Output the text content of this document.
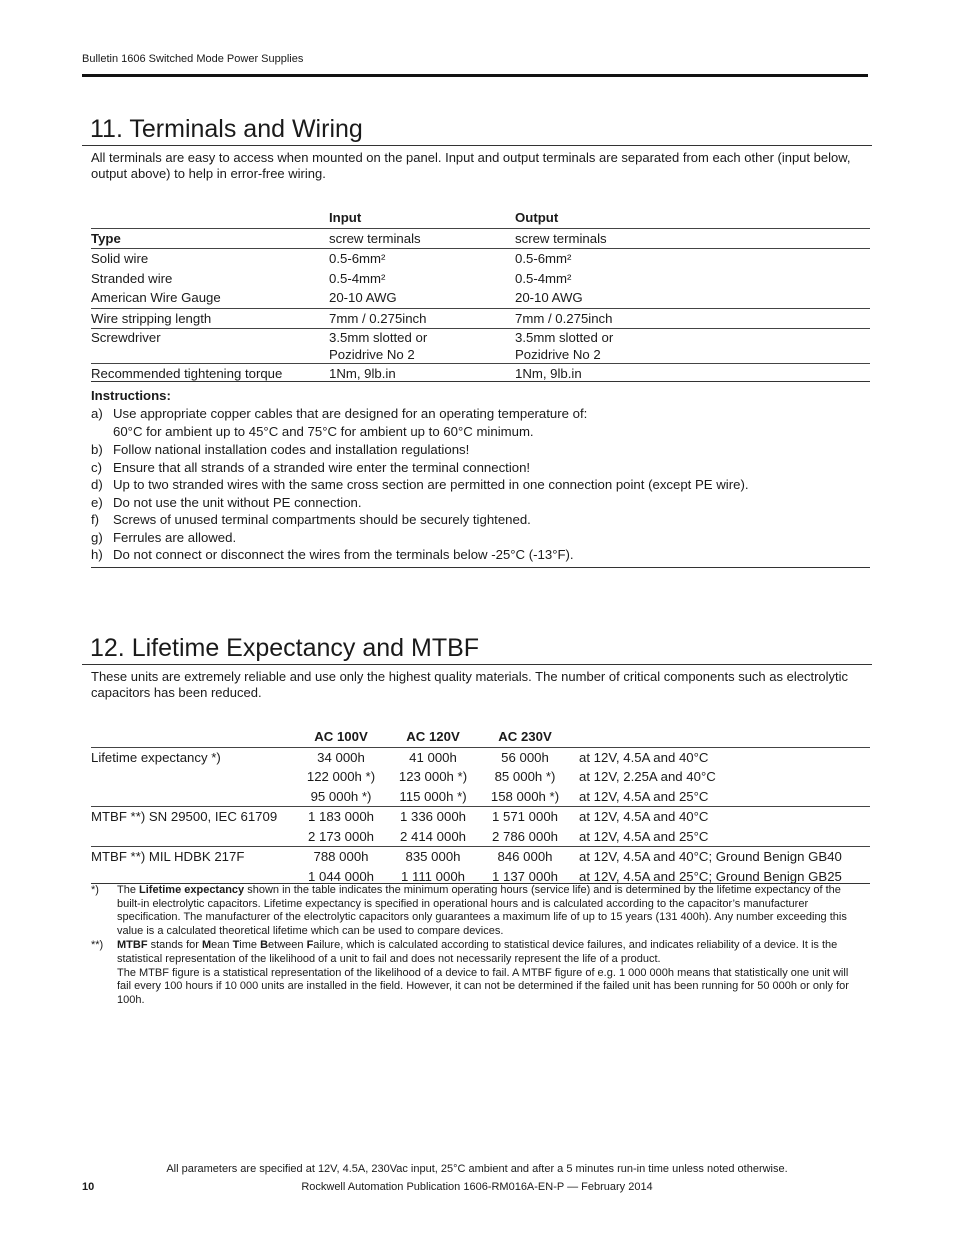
Bulletin 1606 Switched Mode Power Supplies
11. Terminals and Wiring
All terminals are easy to access when mounted on the panel. Input and output terminals are separated from each other (input below, output above) to help in error-free wiring.
	Input	Output
Type	screw terminals	screw terminals
Solid wire	0.5-6mm²	0.5-6mm²
Stranded wire	0.5-4mm²	0.5-4mm²
American Wire Gauge	20-10 AWG	20-10 AWG
Wire stripping length	7mm / 0.275inch	7mm / 0.275inch
Screwdriver	3.5mm slotted or	3.5mm slotted or
	Pozidrive No 2	Pozidrive No 2
Recommended tightening torque	1Nm, 9lb.in	1Nm, 9lb.in
Instructions:
a) Use appropriate copper cables that are designed for an operating temperature of:
60°C for ambient up to 45°C and 75°C for ambient up to 60°C minimum.
b) Follow national installation codes and installation regulations!
c) Ensure that all strands of a stranded wire enter the terminal connection!
d) Up to two stranded wires with the same cross section are permitted in one connection point (except PE wire).
e) Do not use the unit without PE connection.
f)	Screws of unused terminal compartments should be securely tightened.
g) Ferrules are allowed.
h) Do not connect or disconnect the wires from the terminals below -25°C (-13°F).
12. Lifetime Expectancy and MTBF
These units are extremely reliable and use only the highest quality materials. The number of critical components such as electrolytic capacitors has been reduced.
	AC 100V	AC 120V	AC 230V	
Lifetime expectancy *)	34 000h	41 000h	56 000h	at 12V, 4.5A and 40°C
	122 000h *)	123 000h *)	85 000h *)	at 12V, 2.25A and 40°C
	95 000h *)	115 000h *)	158 000h *)	at 12V, 4.5A and 25°C
MTBF **) SN 29500, IEC 61709	1 183 000h	1 336 000h	1 571 000h	at 12V, 4.5A and 40°C
	2 173 000h	2 414 000h	2 786 000h	at 12V, 4.5A and 25°C
MTBF **) MIL HDBK 217F	788 000h	835 000h	846 000h	at 12V, 4.5A and 40°C; Ground Benign GB40
	1 044 000h	1 111 000h	1 137 000h	at 12V, 4.5A and 25°C; Ground Benign GB25
*)	The Lifetime expectancy shown in the table indicates the minimum operating hours (service life) and is determined by the lifetime expectancy of the built-in electrolytic capacitors. Lifetime expectancy is specified in operational hours and is calculated according to the capacitor’s manufacturer specification. The manufacturer of the electrolytic capacitors only guarantees a maximum life of up to 15 years (131 400h). Any number exceeding this value is a calculated theoretical lifetime which can be used to compare devices.
**)	MTBF stands for Mean Time Between Failure, which is calculated according to statistical device failures, and indicates reliability of a device. It is the statistical representation of the likelihood of a unit to fail and does not necessarily represent the life of a product.
The MTBF figure is a statistical representation of the likelihood of a device to fail. A MTBF figure of e.g. 1 000 000h means that statistically one unit will fail every 100 hours if 10 000 units are installed in the field. However, it can not be determined if the failed unit has been running for 50 000h or only for 100h.
All parameters are specified at 12V, 4.5A, 230Vac input, 25°C ambient and after a 5 minutes run-in time unless noted otherwise.
10	Rockwell Automation Publication 1606-RM016A-EN-P — February 2014
